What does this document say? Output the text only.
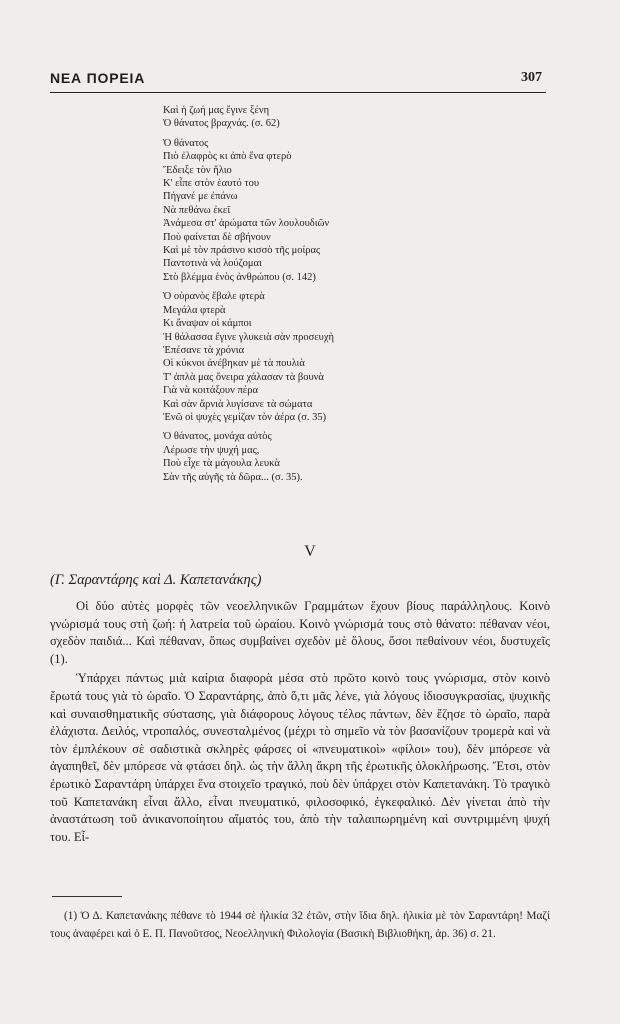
ΝΕΑ ΠΟΡΕΙΑ	307
Καὶ ἡ ζωή μας ἔγινε ξένη
Ὁ θάνατος βραχνάς. (σ. 62)
Ὁ θάνατος
Πιὸ ἐλαφρὸς κι ἀπὸ ἕνα φτερὸ
Ἔδειξε τὸν ἥλιο
Κ' εἶπε στὸν ἑαυτό του
Πήγανέ με ἐπάνω
Νὰ πεθάνω ἐκεῖ
Ἀνάμεσα στ' ἀρώματα τῶν λουλουδιῶν
Ποὺ φαίνεται δὲ σβήνουν
Καὶ μὲ τὸν πράσινο κισσὸ τῆς μοίρας
Παντοτινὰ νὰ λούζομαι
Στὸ βλέμμα ἑνὸς ἀνθρώπου (σ. 142)
Ὁ οὐρανὸς ἔβαλε φτερὰ
Μεγάλα φτερὰ
Κι ἄναψαν οἱ κάμποι
Ἡ θάλασσα ἔγινε γλυκειὰ σὰν προσευχὴ
Ἐπέσανε τὰ χρόνια
Οἱ κύκνοι ἀνέβηκαν μὲ τὰ πουλιὰ
Τ' ἁπλὰ μας ὄνειρα χάλασαν τὰ βουνὰ
Γιὰ νὰ κοιτάξουν πέρα
Καὶ σὰν ἄρνιὰ λυγίσανε τὰ σώματα
Ἐνῶ οἱ ψυχὲς γεμίζαν τὸν ἀέρα (σ. 35)
Ὁ θάνατος, μονάχα αὐτὸς
Λέρωσε τὴν ψυχή μας,
Ποὺ εἶχε τὰ μάγουλα λευκὰ
Σὰν τῆς αὐγῆς τὰ δῶρα... (σ. 35).
V
(Γ. Σαραντάρης καὶ Δ. Καπετανάκης)

Οἱ δύο αὐτὲς μορφὲς τῶν νεοελληνικῶν Γραμμάτων ἔχουν βίους παράλληλους. Κοινὸ γνώρισμά τους στὴ ζωή: ἡ λατρεία τοῦ ὡραίου. Κοινὸ γνώρισμά τους στὸ θάνατο: πέθαναν νέοι, σχεδὸν παιδιά... Καὶ πέθαναν, ὅπως συμβαίνει σχεδὸν μὲ ὅλους, ὅσοι πεθαίνουν νέοι, δυστυχεῖς (1).

Ὑπάρχει πάντως μιὰ καίρια διαφορὰ μέσα στὸ πρῶτο κοινὸ τους γνώρισμα, στὸν κοινὸ ἔρωτά τους γιὰ τὸ ὡραῖο. Ὁ Σαραντάρης, ἀπὸ ὅ,τι μᾶς λένε, γιὰ λόγους ἰδιοσυγκρασίας, ψυχικῆς καὶ συναισθηματικῆς σύστασης, γιὰ διάφορους λόγους τέλος πάντων, δὲν ἔζησε τὸ ὡραῖο, παρὰ ἐλάχιστα. Δειλός, ντροπαλός, συνεσταλμένος (μέχρι τὸ σημεῖο νὰ τὸν βασανίζουν τρομερὰ καὶ νὰ τὸν ἐμπλέκουν σὲ σαδιστικὰ σκληρὲς φάρσες οἱ «πνευματικοὶ» «φίλοι» του), δὲν μπόρεσε νὰ ἀγαπηθεῖ, δὲν μπόρεσε νὰ φτάσει δηλ. ὡς τὴν ἄλλη ἄκρη τῆς ἐρωτικῆς ὁλοκλήρωσης. Ἔτσι, στὸν ἐρωτικὸ Σαραντάρη ὑπάρχει ἕνα στοιχεῖο τραγικό, ποὺ δὲν ὑπάρχει στὸν Καπετανάκη. Τὸ τραγικὸ τοῦ Καπετανάκη εἶναι ἄλλο, εἶναι πνευματικό, φιλοσοφικό, ἐγκεφαλικό. Δὲν γίνεται ἀπὸ τὴν ἀναστάτωση τοῦ ἀνικανοποίητου αἵματός του, ἀπὸ τὴν ταλαιπωρημένη καὶ συντριμμένη ψυχή του. Εἶ-

(1) Ὁ Δ. Καπετανάκης πέθανε τὸ 1944 σὲ ἡλικία 32 ἐτῶν, στὴν ἴδια δηλ. ἡλικία μὲ τὸν Σαραντάρη! Μαζί τους ἀναφέρει καὶ ὁ Ε. Π. Πανοῦτσος, Νεοελληνικὴ Φιλολογία (Βασικὴ Βιβλιοθήκη, ἀρ. 36) σ. 21.
